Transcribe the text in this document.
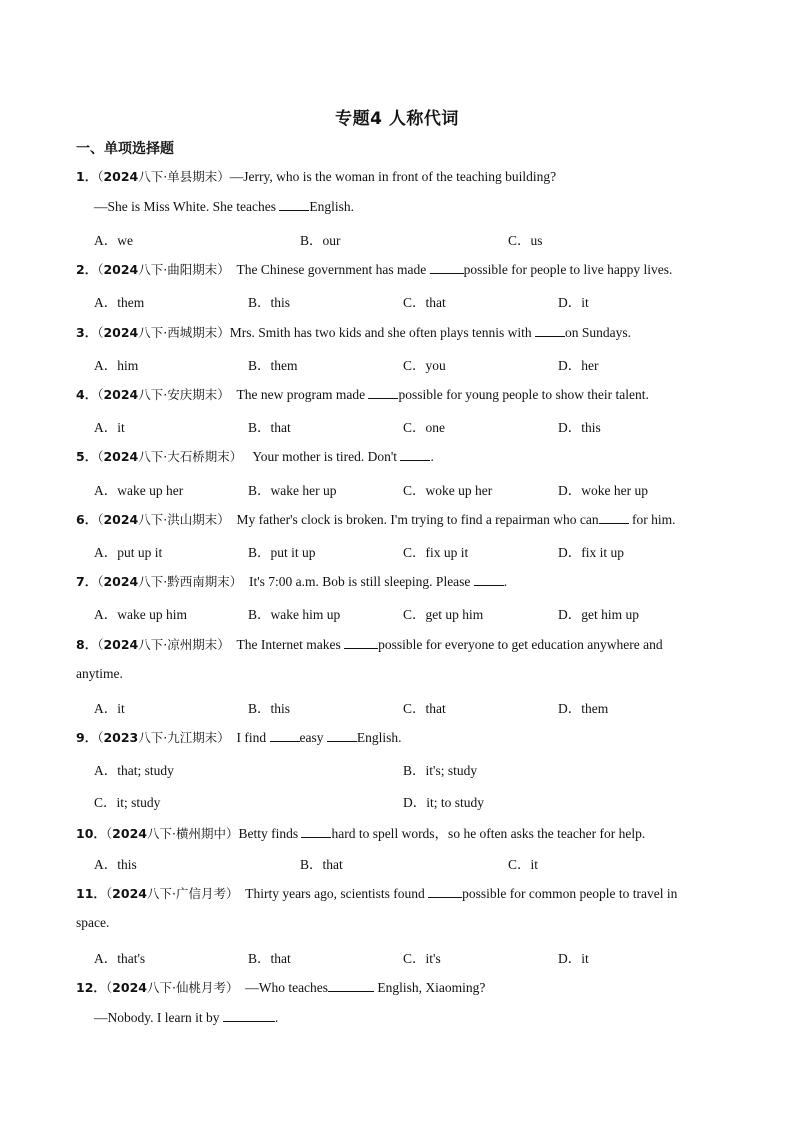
专题4 人称代词
一、单项选择题
1．（2024八下·单县期末）—Jerry, who is the woman in front of the teaching building?
—She is Miss White. She teaches English.
A．we	B．our	C．us
2．（2024八下·曲阳期末） The Chinese government has made	possible for people to live happy lives.
A．them	B．this	C．that	D．it
3．（2024八下·西城期末）Mrs. Smith has two kids and she often plays tennis with on Sundays.
A．him	B．them	C．you	D．her
4．（2024八下·安庆期末） The new program made possible for young people to show their talent.
A．it	B．that	C．one	D．this
5．（2024八下·大石桥期末） Your mother is tired. Don't .
A．wake up her	B．wake her up	C．woke up her	D．woke her up
6．（2024八下·洪山期末） My father's clock is broken. I'm trying to find a repairman who can for him.
A．put up it	B．put it up	C．fix up it	D．fix it up
7．（2024八下·黔西南期末） It's 7:00 a.m. Bob is still sleeping. Please .
A．wake up him	B．wake him up	C．get up him	D．get him up
8．（2024八下·凉州期末） The Internet makes	possible for everyone to get education anywhere and
anytime.
A．it	B．this	C．that	D．them
9．（2023八下·九江期末） I find easy English.
A．that; study	B．it's; study
C．it; study	D．it; to study
10．（2024八下·横州期中）Betty finds hard to spell words，so he often asks the teacher for help.
A．this	B．that	C．it
11．（2024八下·广信月考） Thirty years ago, scientists found	possible for common people to travel in
space.
A．that's	B．that	C．it's	D．it
12．（2024八下·仙桃月考） —Who teaches	English, Xiaoming?
—Nobody. I learn it by	.
